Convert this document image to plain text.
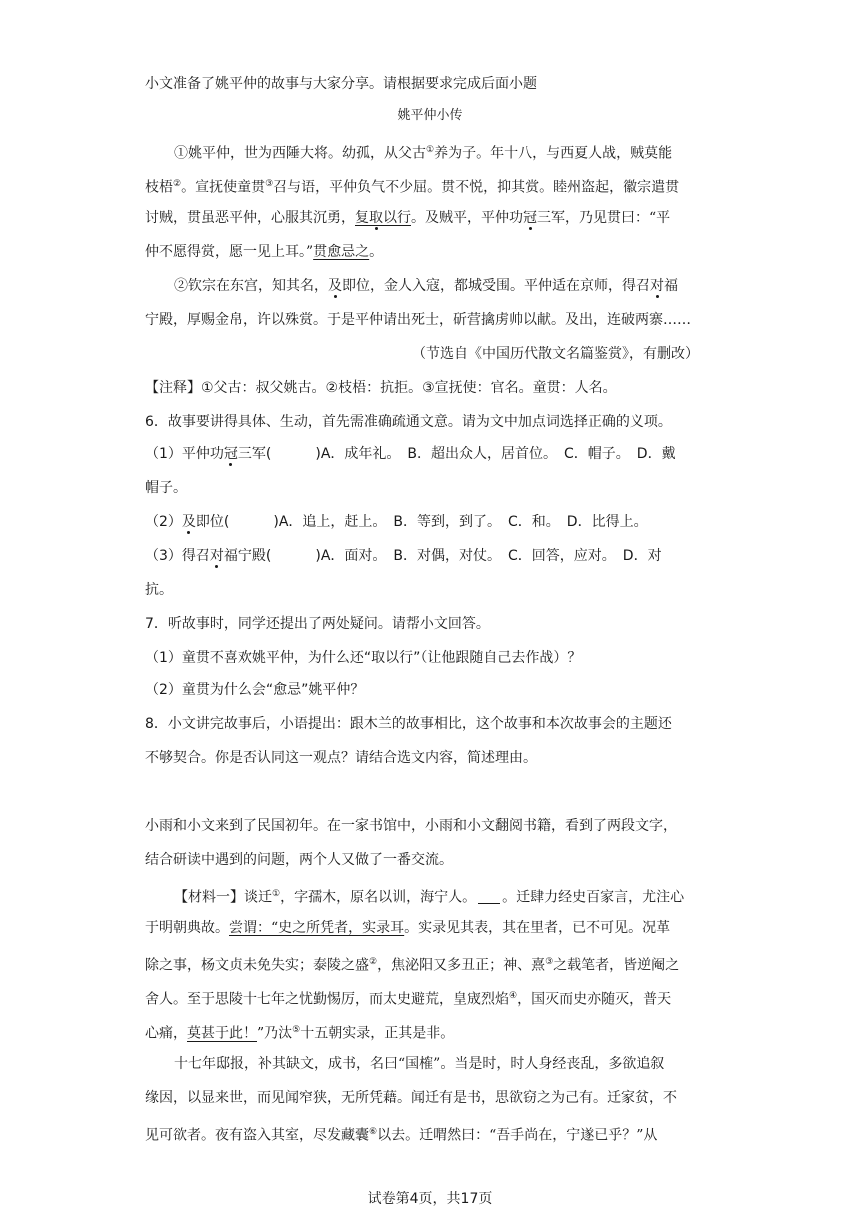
小文准备了姚平仲的故事与大家分享。请根据要求完成后面小题
姚平仲小传
①姚平仲，世为西陲大将。幼孤，从父古①养为子。年十八，与西夏人战，贼莫能
枝梧②。宣抚使童贯③召与语，平仲负气不少屈。贯不悦，抑其赏。睦州盗起，徽宗遣贯
讨贼，贯虽恶平仲，心服其沉勇，复取以行。及贼平，平仲功冠三军，乃见贯曰：“平
仲不愿得赏，愿一见上耳。”贯愈忌之。
②钦宗在东宫，知其名，及即位，金人入寇，都城受围。平仲适在京师，得召对福
宁殿，厚赐金帛，许以殊赏。于是平仲请出死士，斫营擒虏帅以献。及出，连破两寨……
（节选自《中国历代散文名篇鉴赏》，有删改）
【注释】①父古：叔父姚古。②枝梧：抗拒。③宣抚使：官名。童贯：人名。
6．故事要讲得具体、生动，首先需准确疏通文意。请为文中加点词选择正确的义项。
（1）平仲功冠三军(	)A．成年礼。　B．超出众人，居首位。　C．帽子。　D．戴
帽子。
（2）及即位(	)A．追上，赶上。　B．等到，到了。　C．和。　D．比得上。
（3）得召对福宁殿(	)A．面对。　B．对偶，对仗。　C．回答，应对。　D．对
抗。
7．听故事时，同学还提出了两处疑问。请帮小文回答。
（1）童贯不喜欢姚平仲，为什么还“取以行”（让他跟随自己去作战）？
（2）童贯为什么会“愈忌”姚平仲？
8．小文讲完故事后，小语提出：跟木兰的故事相比，这个故事和本次故事会的主题还
不够契合。你是否认同这一观点？请结合选文内容，简述理由。
小雨和小文来到了民国初年。在一家书馆中，小雨和小文翻阅书籍，看到了两段文字，
结合研读中遇到的问题，两个人又做了一番交流。
【材料一】谈迁①，字孺木，原名以训，海宁人。 。迁肆力经史百家言，尤注心
于明朝典故。尝谓：“史之所凭者，实录耳。实录见其表，其在里者，已不可见。况革
除之事，杨文贞未免失实；泰陵之盛②，焦泌阳又多丑正；神、熹③之载笔者，皆逆阉之
舍人。至于思陵十七年之忧勤惕厉，而太史避荒，皇宬烈焰④，国灭而史亦随灭，普天
心痛，莫甚于此！”乃汰⑤十五朝实录，正其是非。
十七年邸报，补其缺文，成书，名曰“国榷”。当是时，时人身经丧乱，多欲追叙
缘因，以显来世，而见闻窄狭，无所凭藉。闻迁有是书，思欲窃之为己有。迁家贫，不
见可欲者。夜有盗入其室，尽发藏囊⑥以去。迁喟然曰：“吾手尚在，宁遂已乎？”从
试卷第4页，共17页
